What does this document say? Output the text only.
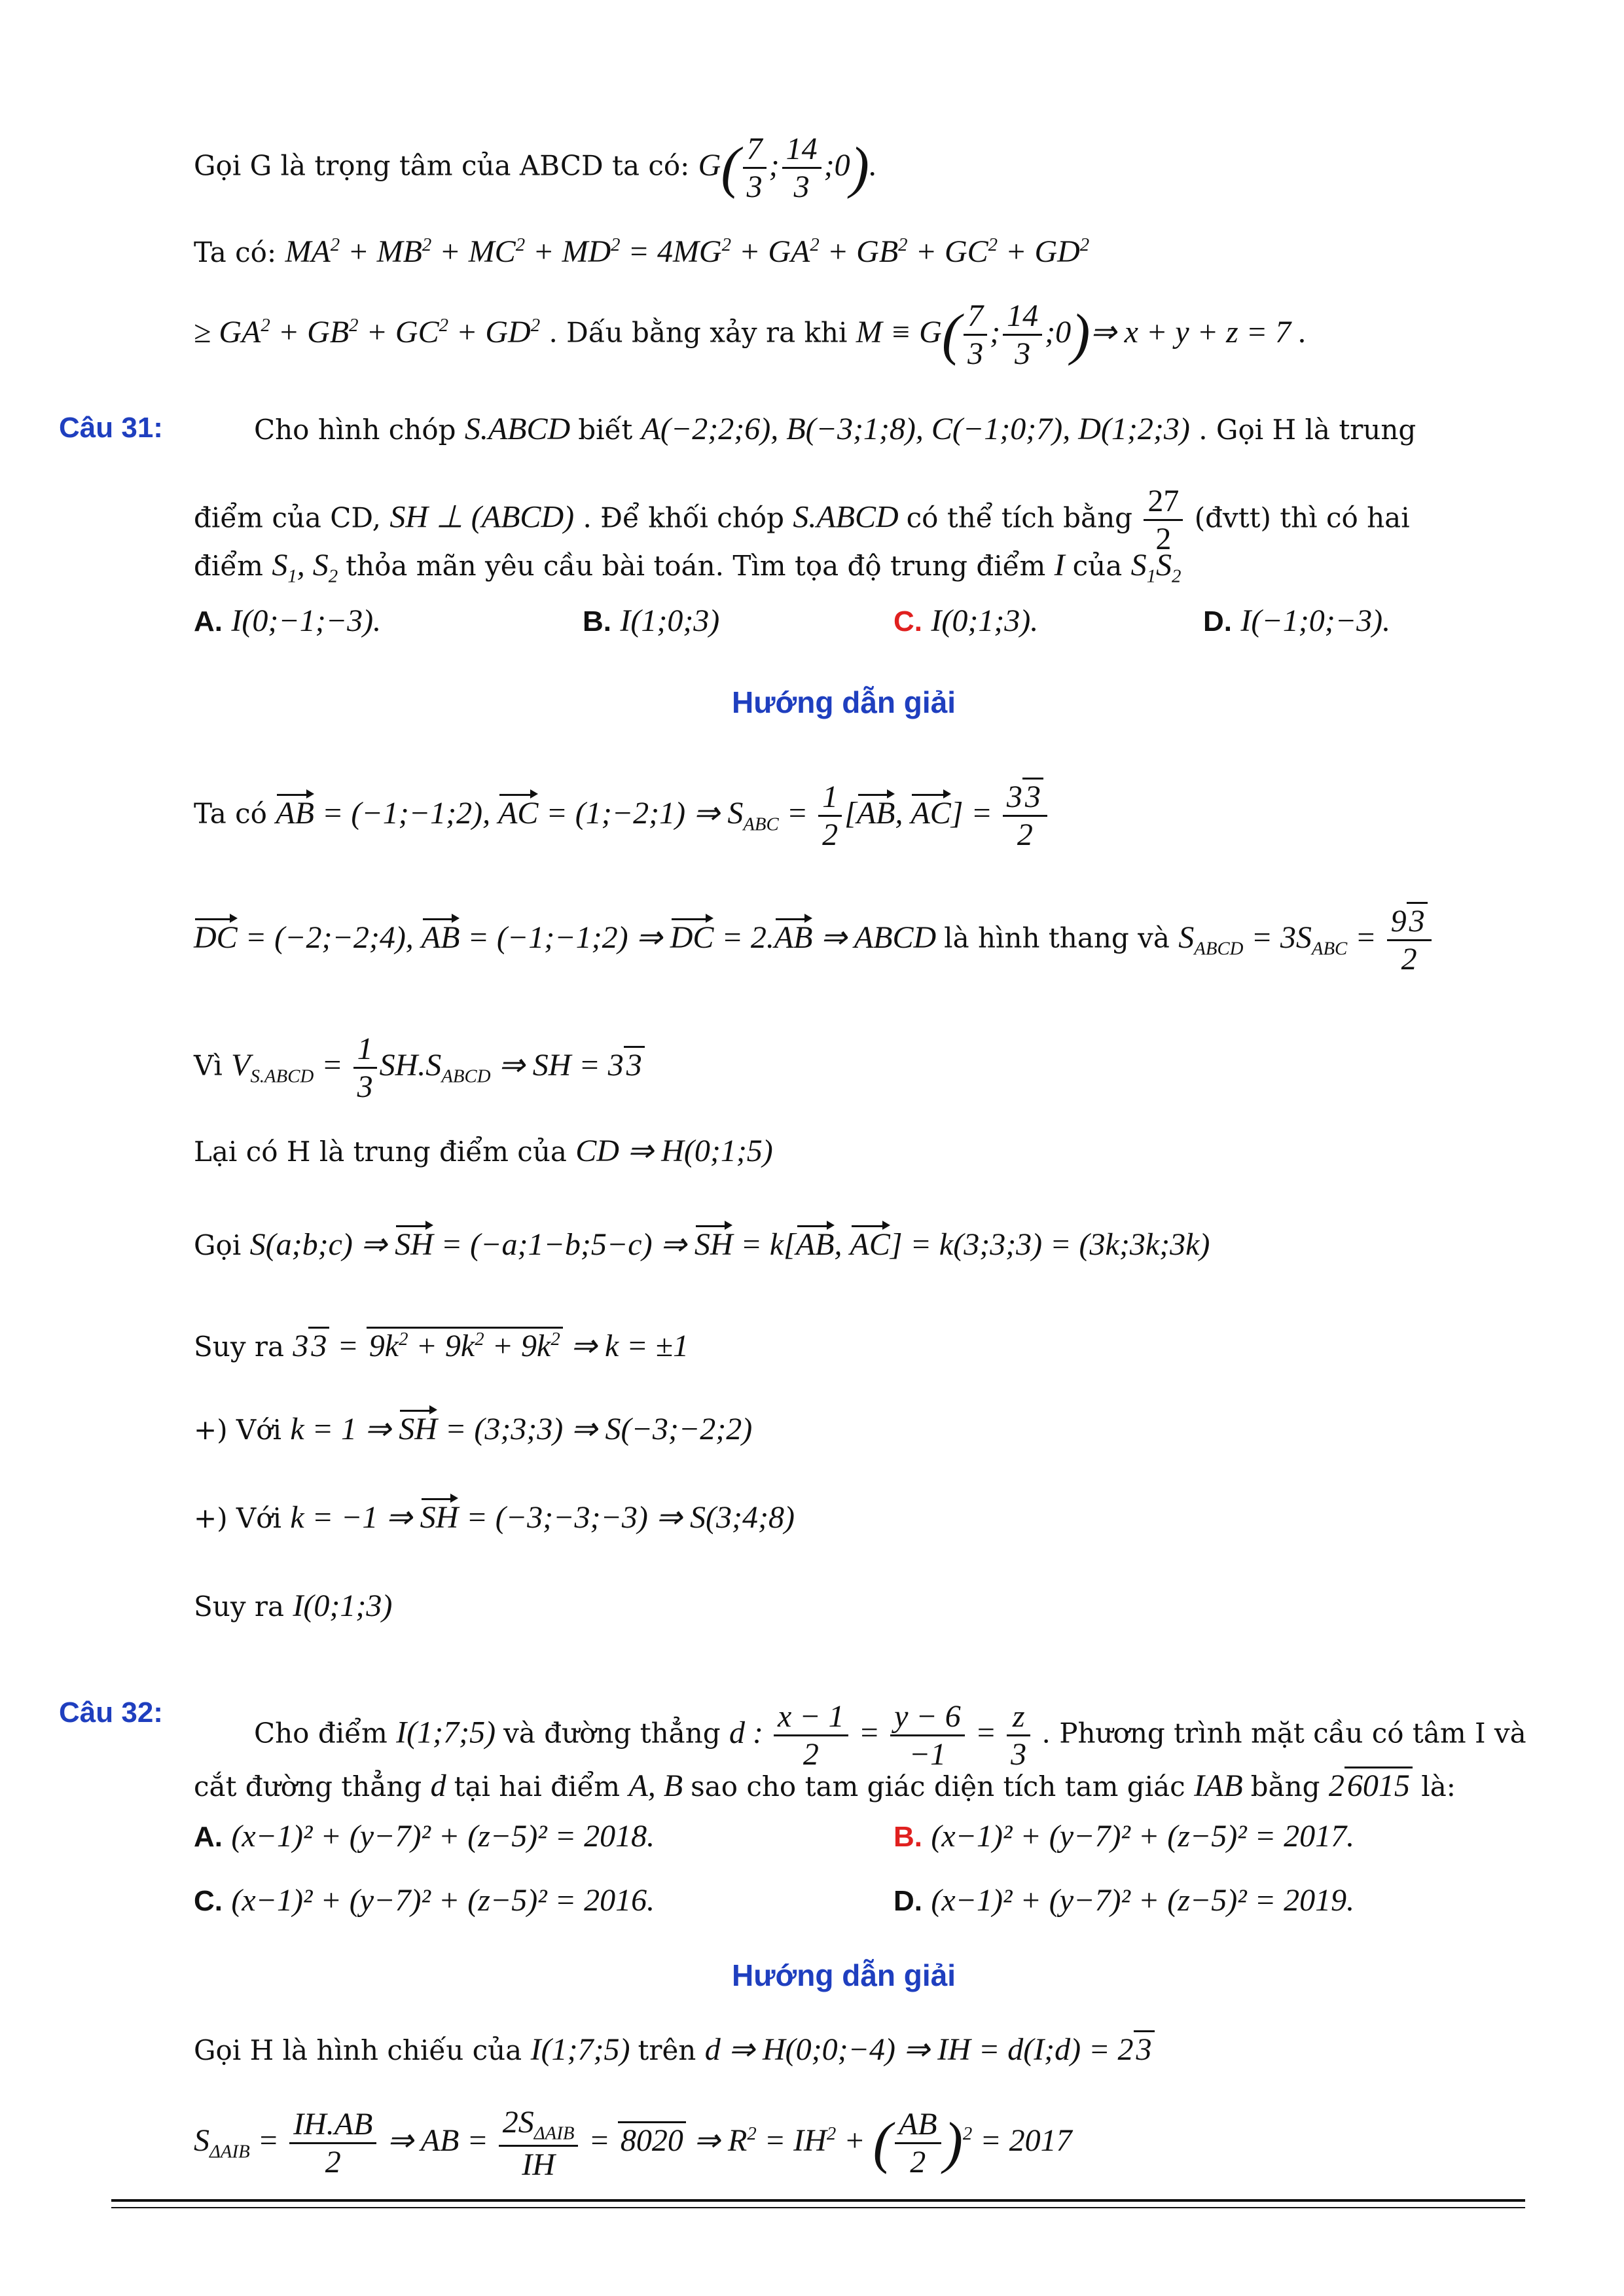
Gọi G là trọng tâm của ABCD ta có: $G( \frac{7}{3}$ ; $\frac{14}{3}$ ;0).
Ta có: $MA^2 + MB^2 + MC^2 + MD^2 = 4MG^2 + GA^2 + GB^2 + GC^2 + GD^2$
≥ $GA^2 + GB^2 + GC^2 + GD^2$ . Dấu bằng xảy ra khi $M \equiv G( \frac{7}{3}$ ; $\frac{14}{3}$ ;0)⇒ x + y + z = 7 .
Câu 31:	Cho hình chóp S.ABCD biết A(−2;2;6), B(−3;1;8), C(−1;0;7), D(1;2;3) . Gọi H là trung
điểm của CD, SH ⊥ (ABCD) . Để khối chóp S.ABCD có thể tích bằng $\frac{27}{2}$ (đvtt) thì có hai
điểm $S_1$, $S_2$ thỏa mãn yêu cầu bài toán. Tìm tọa độ trung điểm I của $S_1S_2$
A. I(0;−1;−3).	B. I(1;0;3)	C. I(0;1;3).	D. I(−1;0;−3).
Hướng dẫn giải
Ta có AB = (−1;−1;2), AC = (1;−2;1) ⇒ $S_{ABC} = \frac{1}{2} [AB$, $AC] = \frac{33}{2}$
DC = (−2;−2;4), AB = (−1;−1;2) ⇒ DC = 2.AB ⇒ ABCD là hình thang và $S_{ABCD} = 3S_{ABC} = \frac{93}{2}$
Vì $V_{S.ABCD} = \frac{1}{3} SH.S_{ABCD}$ ⇒ SH = 33
Lại có H là trung điểm của CD ⇒ H(0;1;5)
Gọi S(a;b;c) ⇒ SH = (−a;1−b;5−c) ⇒ SH = k[AB, AC] = k(3;3;3) = (3k;3k;3k)
Suy ra $33 = 9k^2 + 9k^2 + 9k^2$ ⇒ k = ±1
+) Với k = 1 ⇒ SH = (3;3;3) ⇒ S(−3;−2;2)
+) Với k = −1 ⇒ SH = (−3;−3;−3) ⇒ S(3;4;8)
Suy ra I(0;1;3)
Câu 32:
Cho điểm I(1;7;5) và đường thẳng d : $\frac{x - 1}{2} = \frac{y - 6}{-1} = \frac{z}{3}$ . Phương trình mặt cầu có tâm I và
cắt đường thẳng d tại hai điểm A, B sao cho tam giác diện tích tam giác IAB bằng 26015 là:
A. (x−1)² + (y−7)² + (z−5)² = 2018.	B. (x−1)² + (y−7)² + (z−5)² = 2017.
C. (x−1)² + (y−7)² + (z−5)² = 2016.	D. (x−1)² + (y−7)² + (z−5)² = 2019.
Hướng dẫn giải
Gọi H là hình chiếu của I(1;7;5) trên d ⇒ H(0;0;−4) ⇒ IH = d(I;d) = 23
$S_{\Delta AIB} = \frac{IH.AB}{2}$ ⇒ AB = $\frac{2S_{\Delta AIB}}{IH} = 8020$ ⇒ $R^2 = IH^2$ + ( $\frac{AB}{2} )^2 = 2017$
